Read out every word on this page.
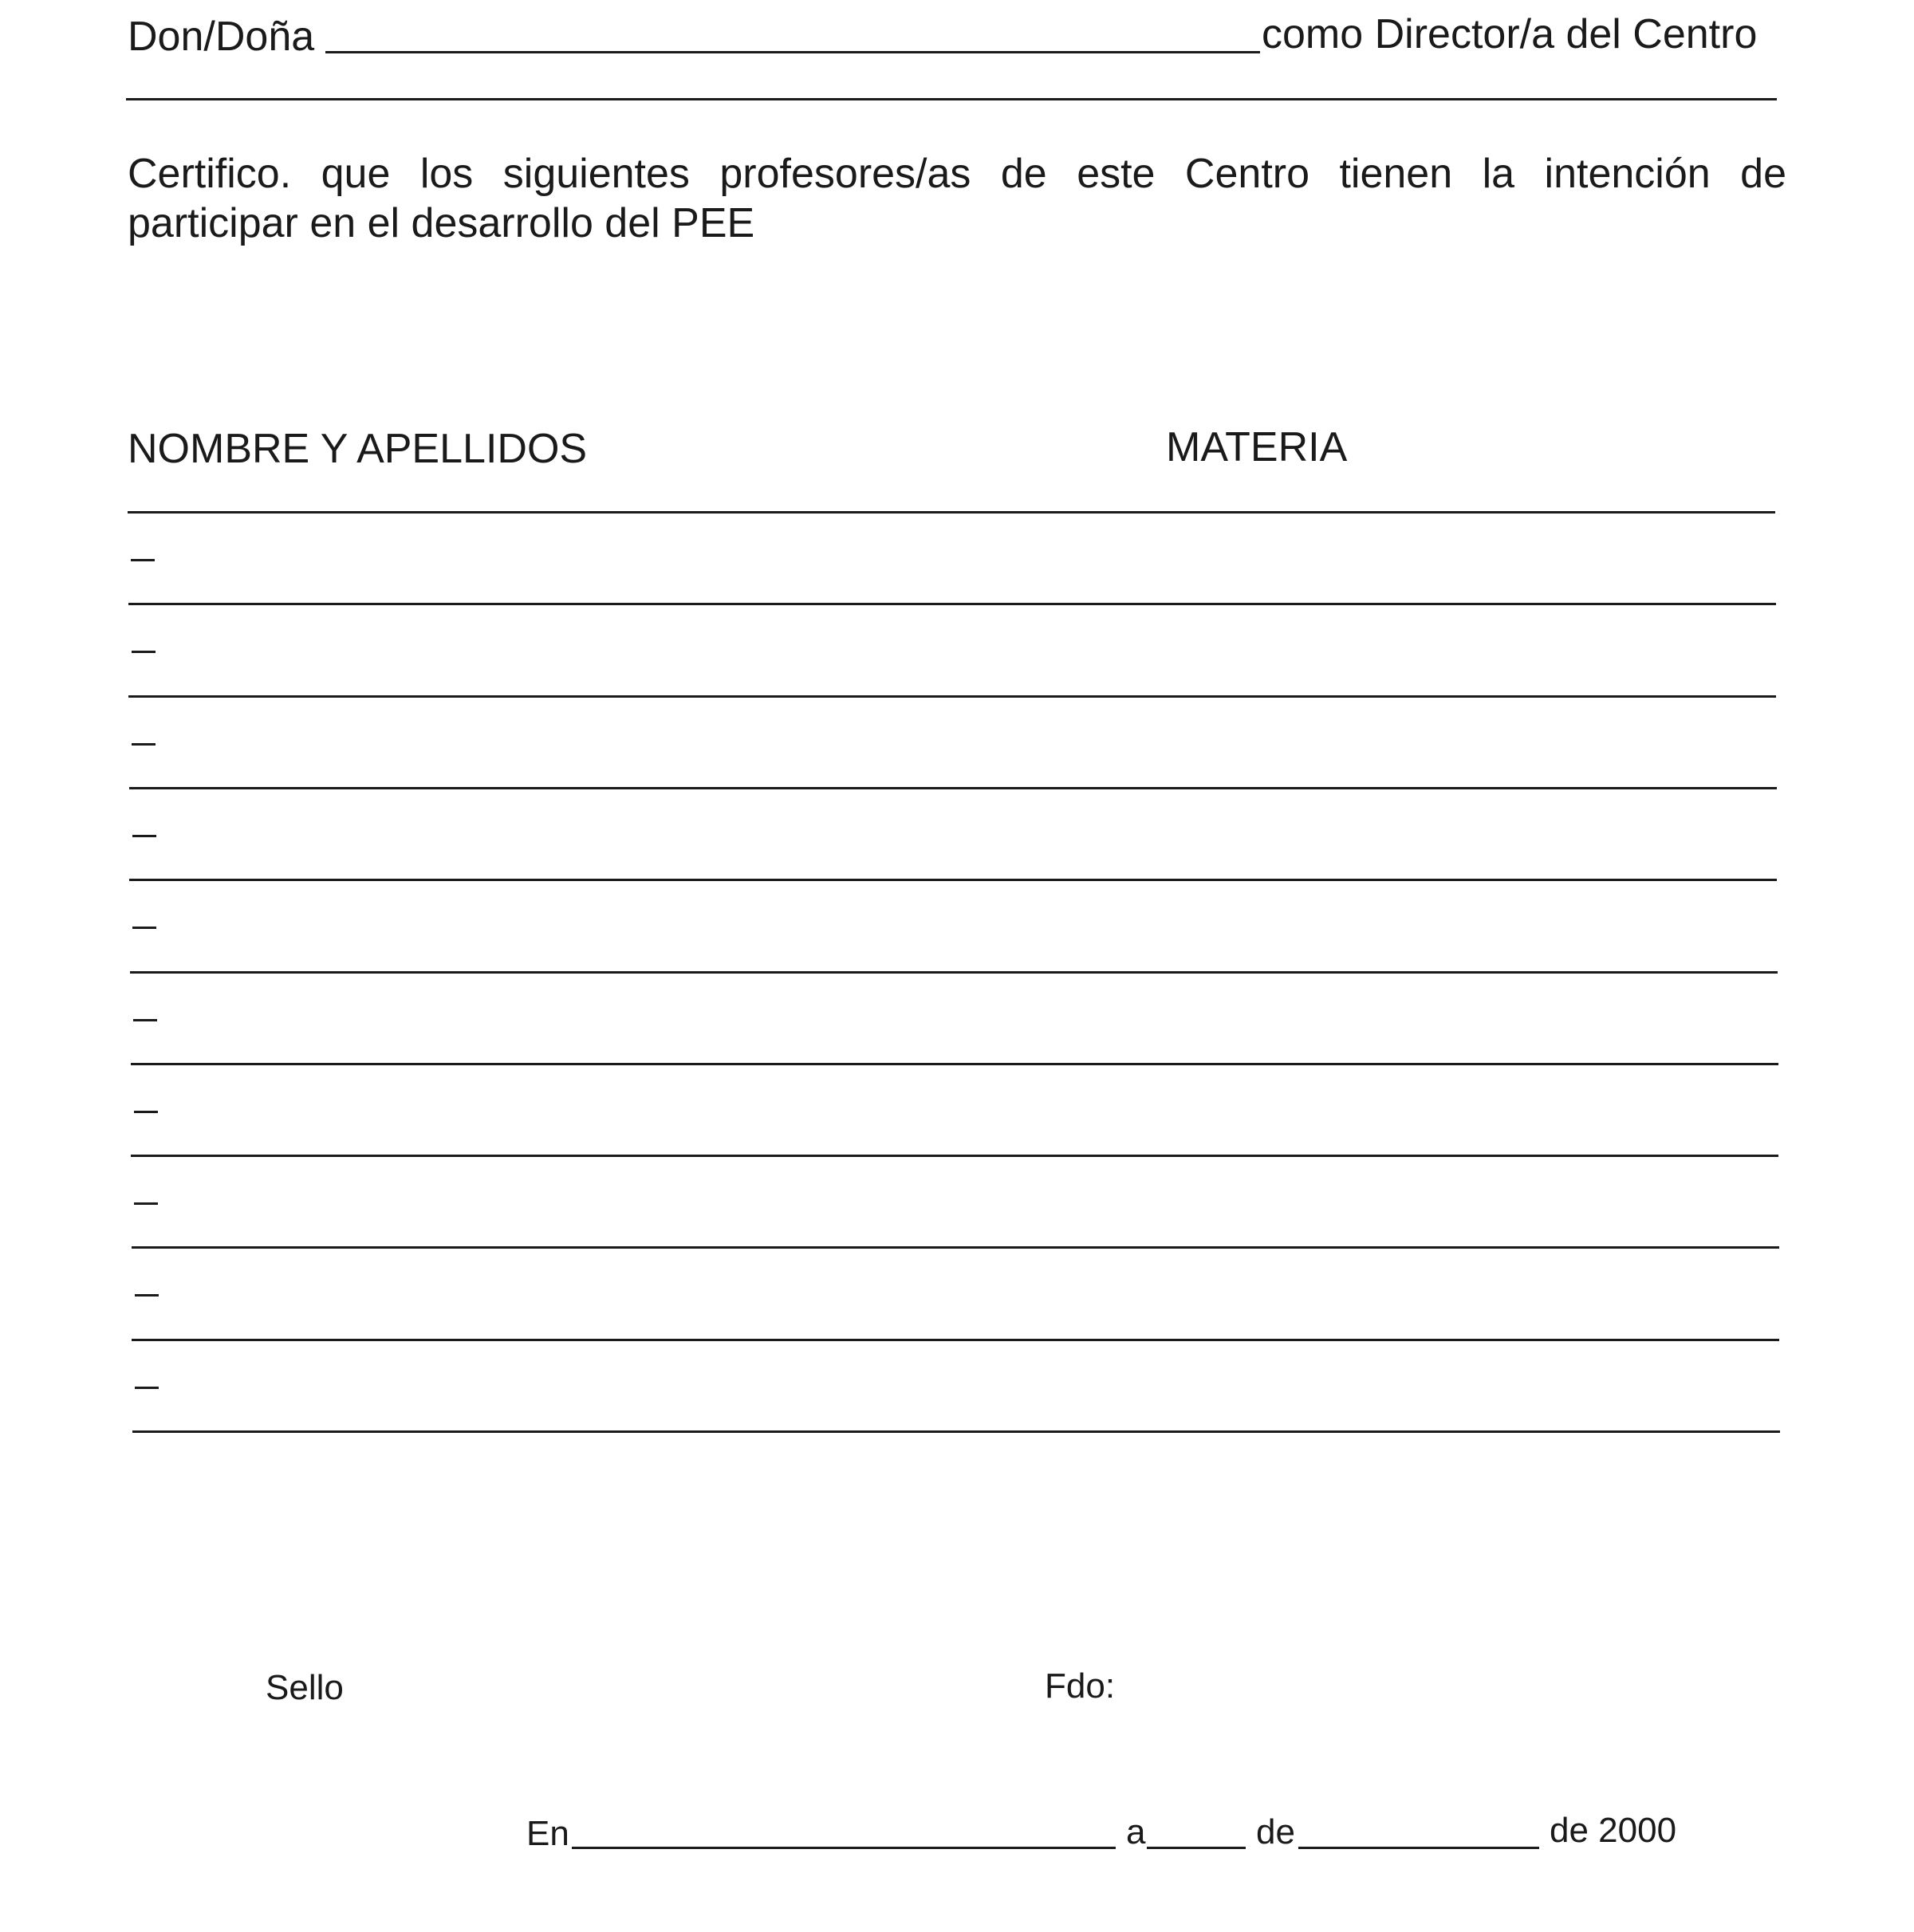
Don/Doña	como Director/a del Centro
Certifico. que los siguientes profesores/as de este Centro tienen la intención de
participar en el desarrollo del PEE
NOMBRE Y APELLIDOS	MATERIA
Sello	Fdo:
En	a	de	de 2000
